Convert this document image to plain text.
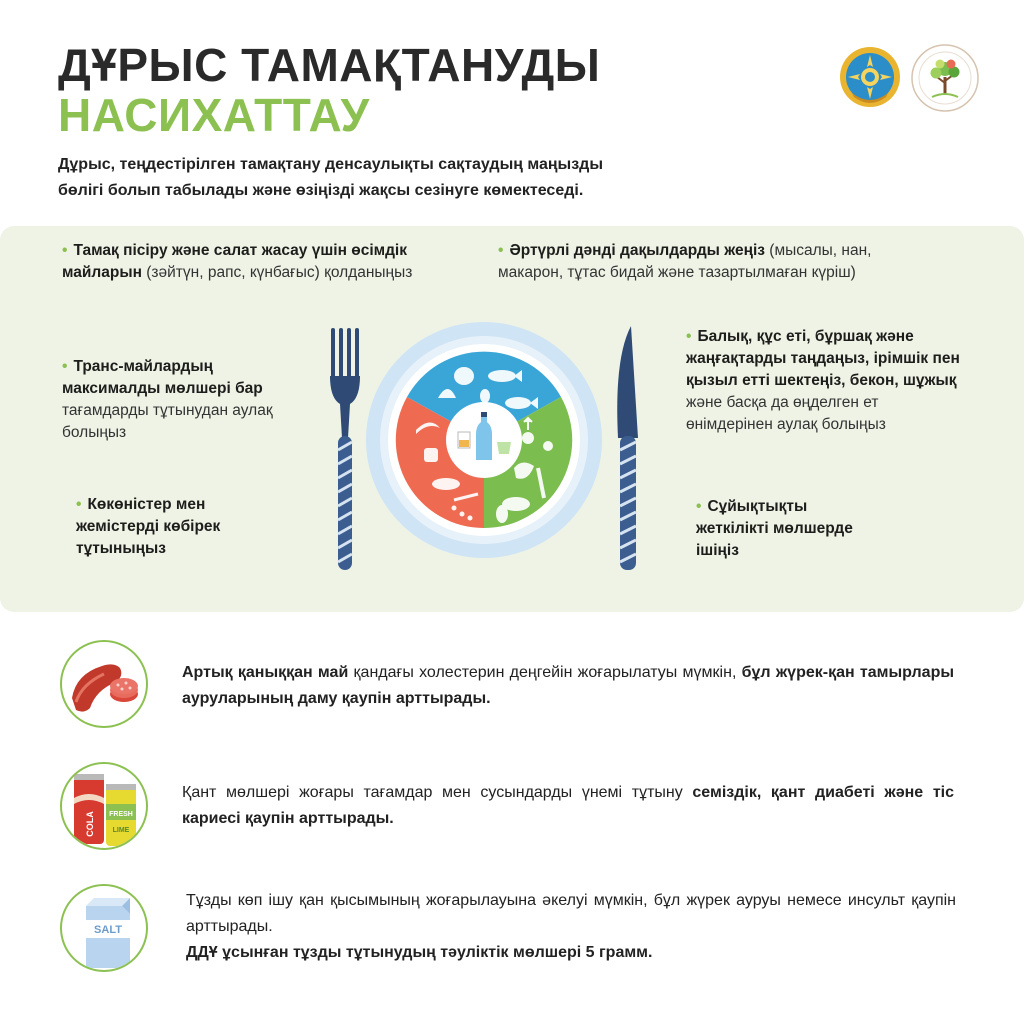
ДҰРЫС ТАМАҚТАНУДЫ
НАСИХАТТАУ
Дұрыс, теңдестірілген тамақтану денсаулықты сақтаудың маңызды
бөлігі болып табылады және өзіңізді жақсы сезінуге көмектеседі.
• Тамақ пісіру және салат жасау үшін өсімдік майларын (зәйтүн, рапс, күнбағыс) қолданыңыз
• Әртүрлі дәнді дақылдарды жеңіз (мысалы, нан, макарон, тұтас бидай және тазартылмаған күріш)
• Транс-майлардың максималды мөлшері бар тағамдарды тұтынудан аулақ болыңыз
• Балық, құс еті, бұршақ және жаңғақтарды таңдаңыз, ірімшік пен қызыл етті шектеңіз, бекон, шұжық және басқа да өңделген ет өнімдерінен аулақ болыңыз
• Көкөністер мен жемістерді көбірек тұтыныңыз
• Сұйықтықты жеткілікті мөлшерде ішіңіз
Артық қаныққан май қандағы холестерин деңгейін жоғарылатуы мүмкін, бұл жүрек-қан тамырлары ауруларының даму қаупін арттырады.
COLA FRESH
LIME
Қант мөлшері жоғары тағамдар мен сусындарды үнемі тұтыну семіздік, қант диабеті және тіс кариесі қаупін арттырады.
SALT
Тұзды көп ішу қан қысымының жоғарылауына әкелуі мүмкін, бұл жүрек ауруы немесе инсульт қаупін арттырады.
ДДҰ ұсынған тұзды тұтынудың тәуліктік мөлшері 5 грамм.
